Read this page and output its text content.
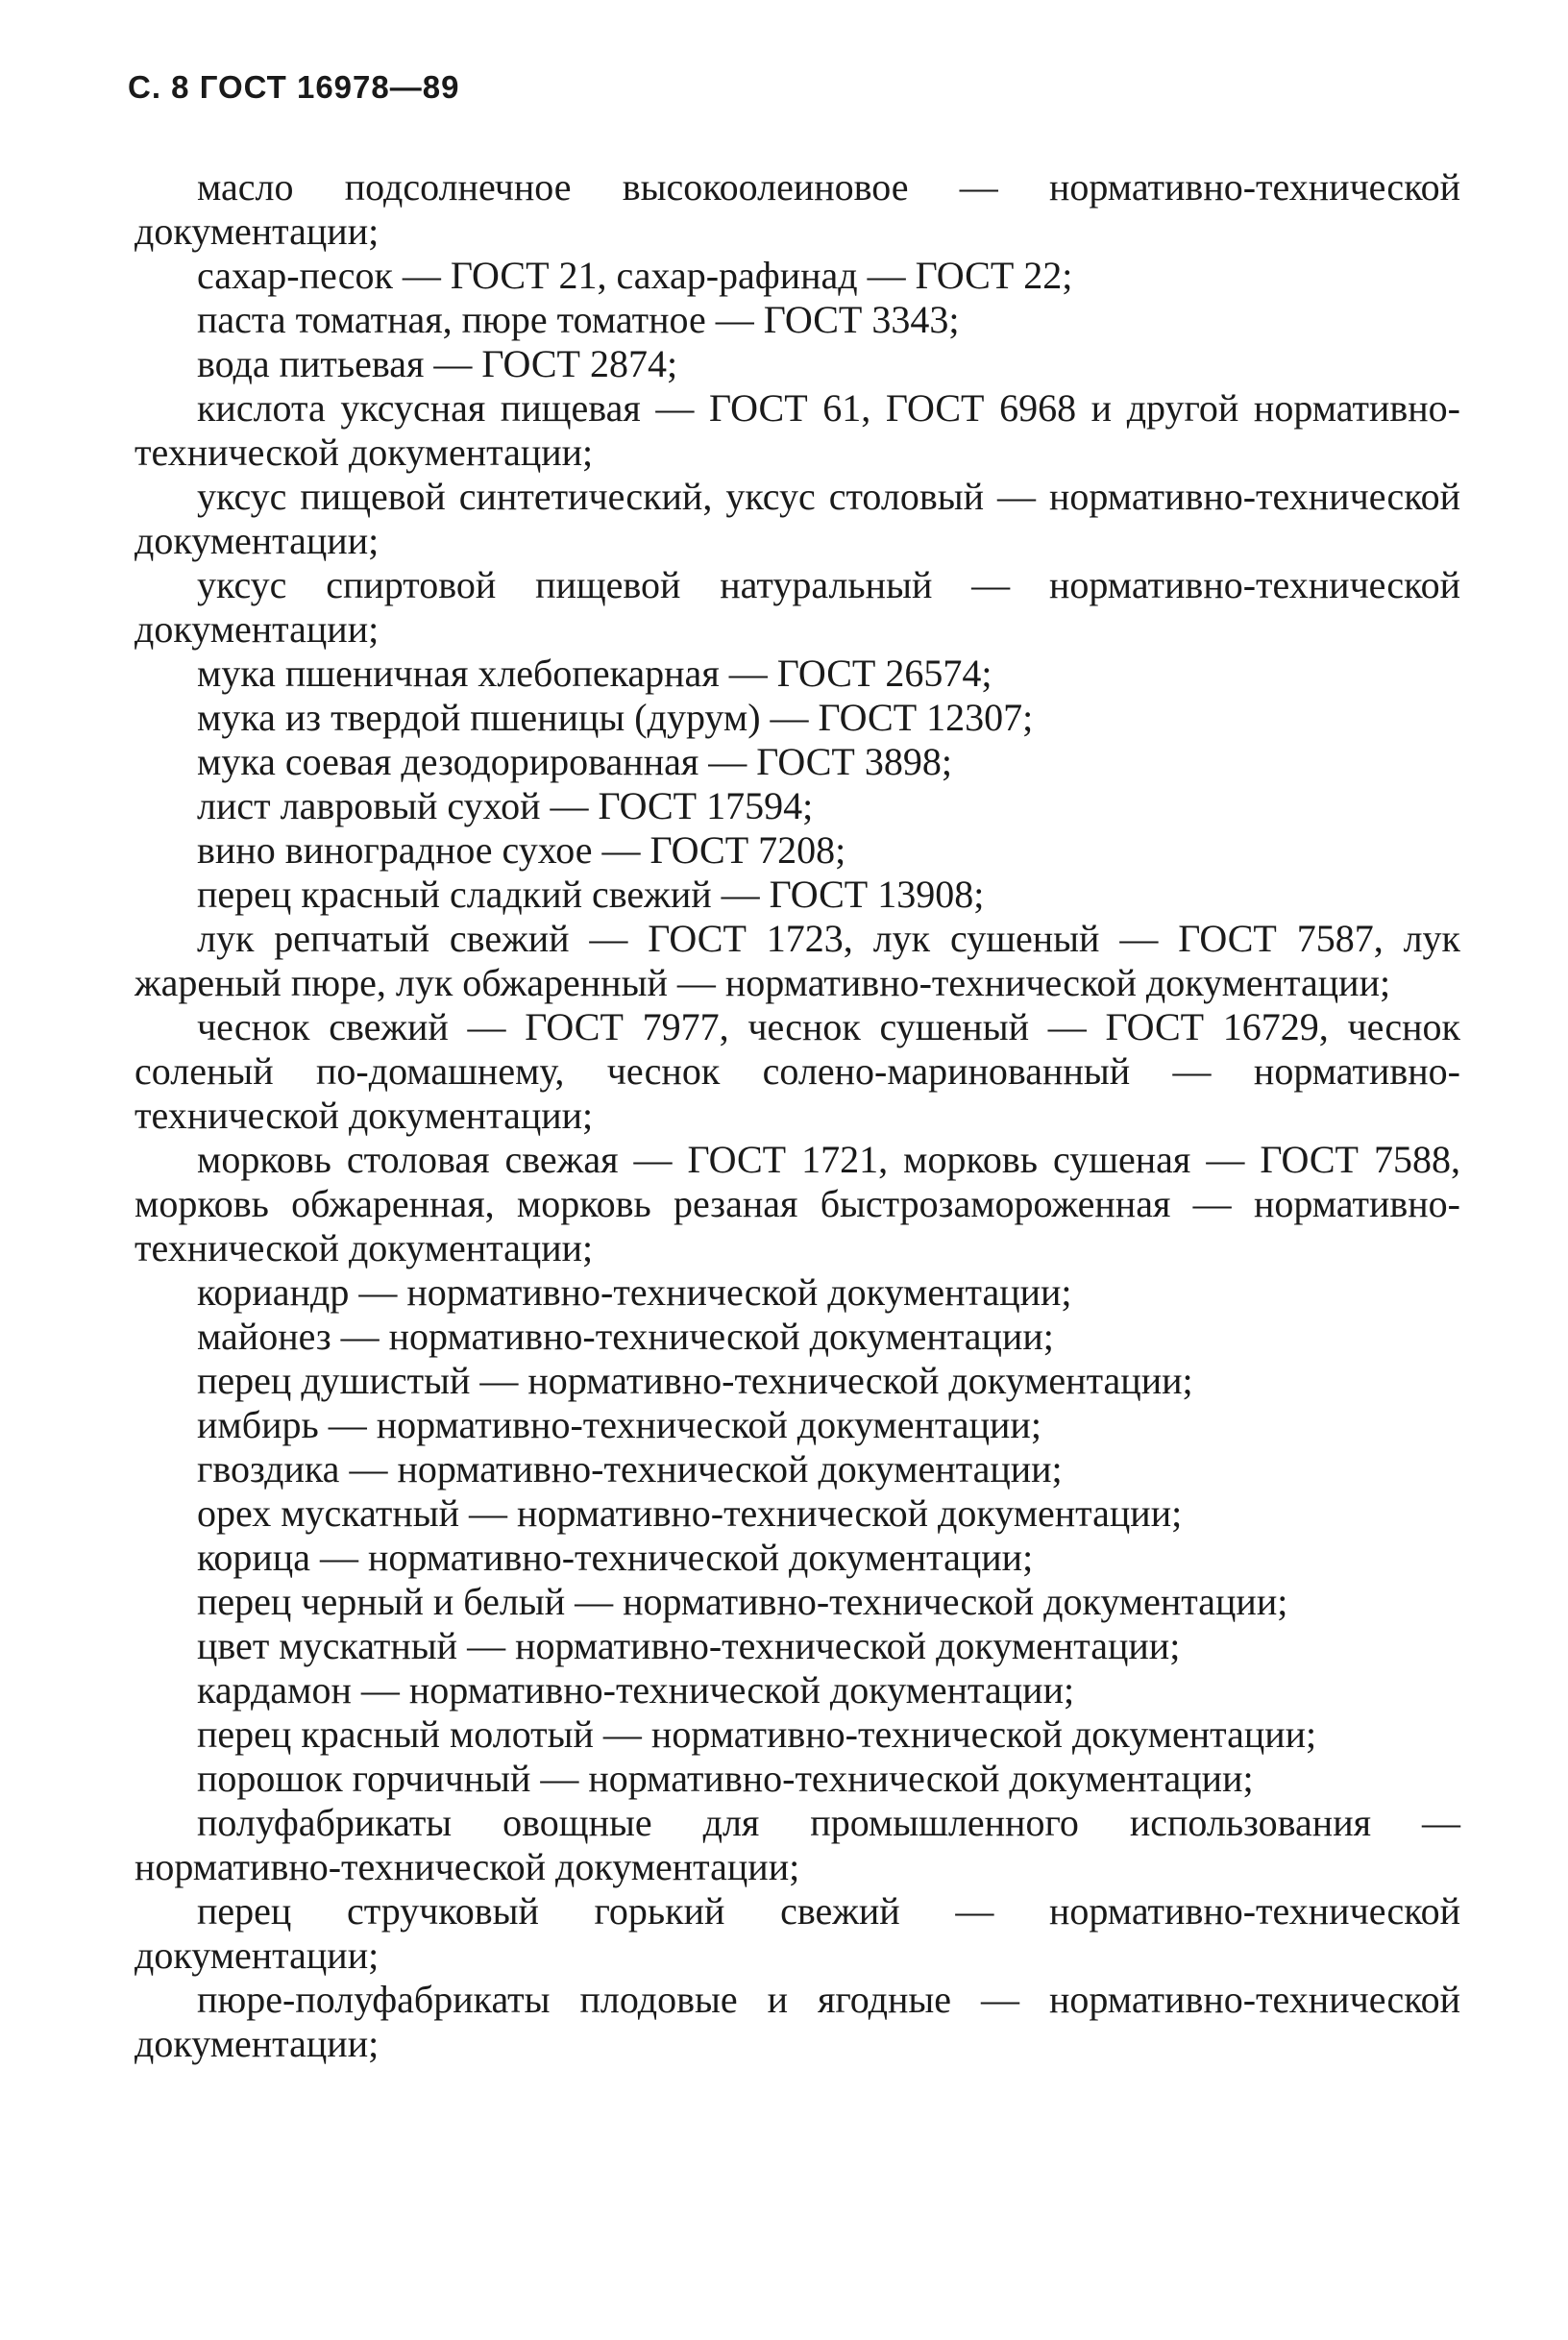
С. 8 ГОСТ 16978—89

масло подсолнечное высокоолеиновое — нормативно-технической документации;

сахар-песок — ГОСТ 21, сахар-рафинад — ГОСТ 22;

паста томатная, пюре томатное — ГОСТ 3343;

вода питьевая — ГОСТ 2874;

кислота уксусная пищевая — ГОСТ 61, ГОСТ 6968 и другой нормативно-технической документации;

уксус пищевой синтетический, уксус столовый — нормативно-технической документации;

уксус спиртовой пищевой натуральный — нормативно-технической документации;

мука пшеничная хлебопекарная — ГОСТ 26574;

мука из твердой пшеницы (дурум) — ГОСТ 12307;

мука соевая дезодорированная — ГОСТ 3898;

лист лавровый сухой — ГОСТ 17594;

вино виноградное сухое — ГОСТ 7208;

перец красный сладкий свежий — ГОСТ 13908;

лук репчатый свежий — ГОСТ 1723, лук сушеный — ГОСТ 7587, лук жареный пюре, лук обжаренный — нормативно-технической документации;

чеснок свежий — ГОСТ 7977, чеснок сушеный — ГОСТ 16729, чеснок соленый по-домашнему, чеснок солено-маринованный — нормативно-технической документации;

морковь столовая свежая — ГОСТ 1721, морковь сушеная — ГОСТ 7588, морковь обжаренная, морковь резаная быстрозамороженная — нормативно-технической документации;

кориандр — нормативно-технической документации;

майонез — нормативно-технической документации;

перец душистый — нормативно-технической документации;

имбирь — нормативно-технической документации;

гвоздика — нормативно-технической документации;

орех мускатный — нормативно-технической документации;

корица — нормативно-технической документации;

перец черный и белый — нормативно-технической документации;

цвет мускатный — нормативно-технической документации;

кардамон — нормативно-технической документации;

перец красный молотый — нормативно-технической документации;

порошок горчичный — нормативно-технической документации;

полуфабрикаты овощные для промышленного использования — нормативно-технической документации;

перец стручковый горький свежий — нормативно-технической документации;

пюре-полуфабрикаты плодовые и ягодные — нормативно-технической документации;
